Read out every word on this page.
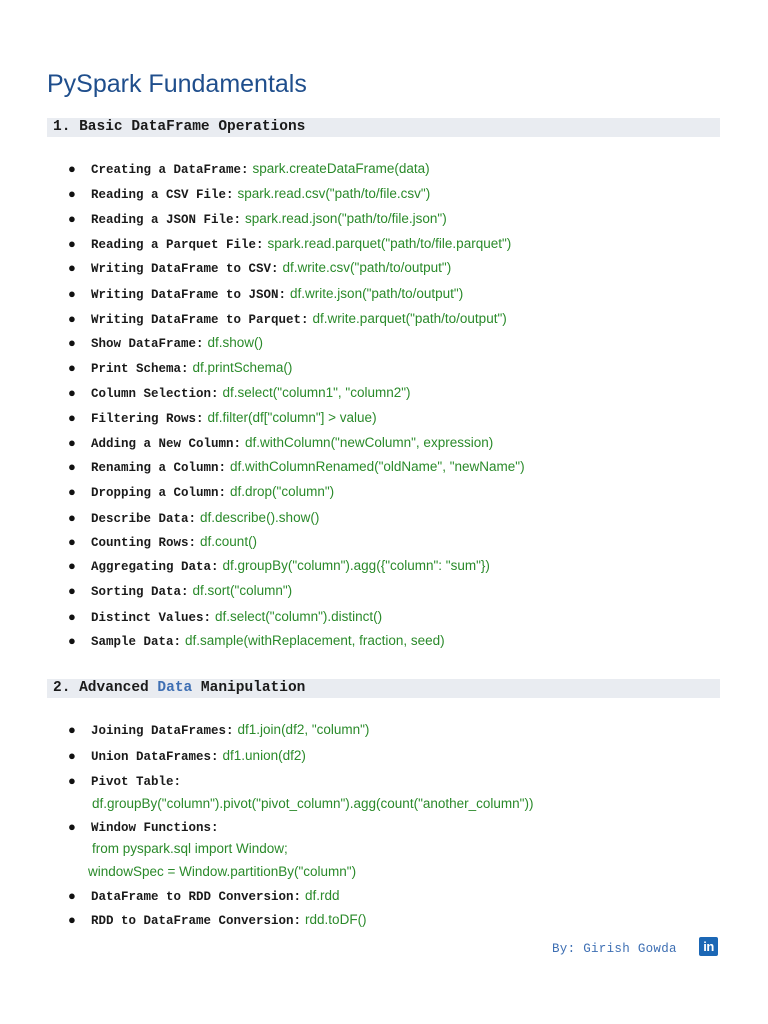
PySpark Fundamentals
1. Basic DataFrame Operations
● Creating a DataFrame: spark.createDataFrame(data)
● Reading a CSV File: spark.read.csv("path/to/file.csv")
● Reading a JSON File: spark.read.json("path/to/file.json")
● Reading a Parquet File: spark.read.parquet("path/to/file.parquet")
● Writing DataFrame to CSV: df.write.csv("path/to/output")
● Writing DataFrame to JSON: df.write.json("path/to/output")
● Writing DataFrame to Parquet: df.write.parquet("path/to/output")
● Show DataFrame: df.show()
● Print Schema: df.printSchema()
● Column Selection: df.select("column1", "column2")
● Filtering Rows: df.filter(df["column"] > value)
● Adding a New Column: df.withColumn("newColumn", expression)
● Renaming a Column: df.withColumnRenamed("oldName", "newName")
● Dropping a Column: df.drop("column")
● Describe Data: df.describe().show()
● Counting Rows: df.count()
● Aggregating Data: df.groupBy("column").agg({"column": "sum"})
● Sorting Data: df.sort("column")
● Distinct Values: df.select("column").distinct()
● Sample Data: df.sample(withReplacement, fraction, seed)
2. Advanced Data Manipulation
● Joining DataFrames: df1.join(df2, "column")
● Union DataFrames: df1.union(df2)
● Pivot Table:
● Window Functions:
● DataFrame to RDD Conversion: df.rdd
● RDD to DataFrame Conversion: rdd.toDF()
df.groupBy("column").pivot("pivot_column").agg(count("another_column"))
from pyspark.sql import Window;
windowSpec = Window.partitionBy("column")
By: Girish Gowda	in
